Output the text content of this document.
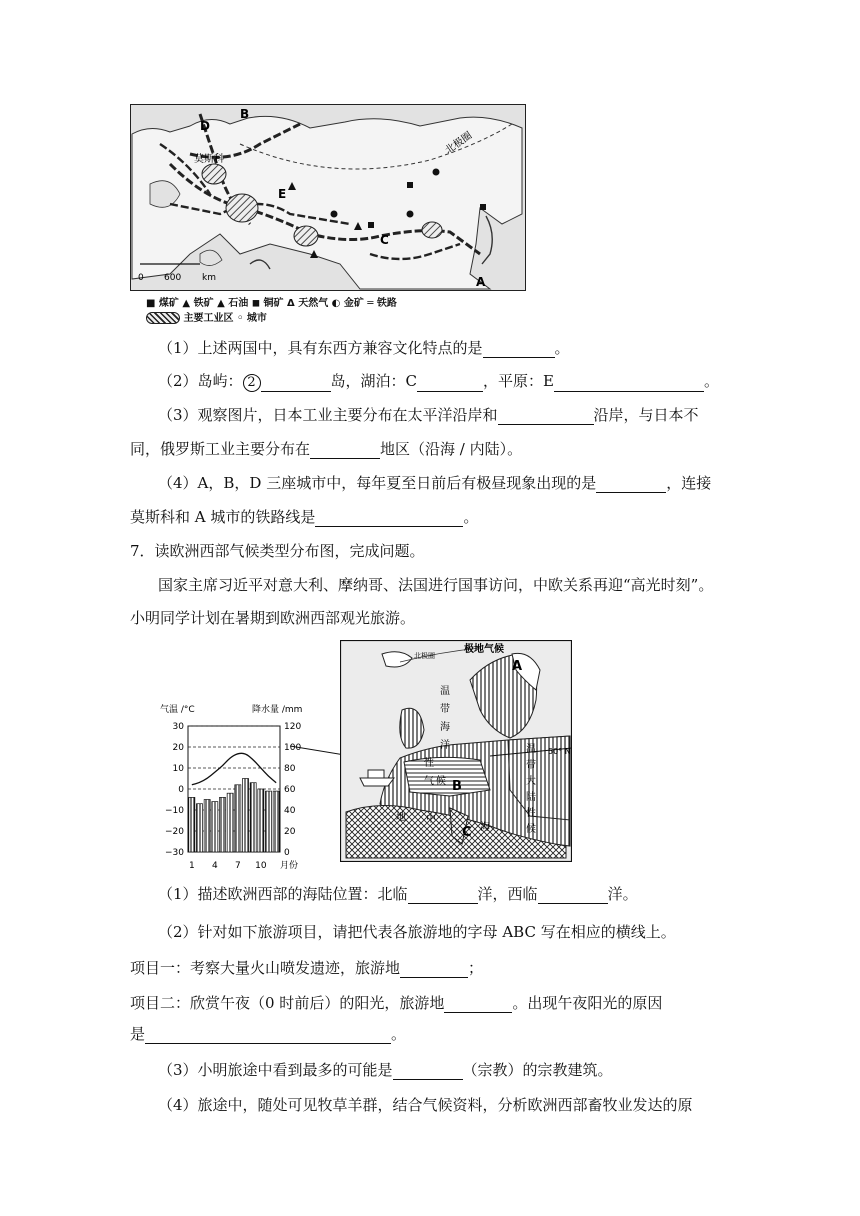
D
B
莫斯科
E
C
A
北极圈
0 600 km
■ 煤矿 ▲ 铁矿 ▲ 石油 ◼ 铜矿 Δ 天然气 ◐ 金矿 ═ 铁路
主要工业区 ◦ 城市
（1）上述两国中，具有东西方兼容文化特点的是	。
（2）岛屿： 2	岛，湖泊：C	，平原：E	。
（3）观察图片，日本工业主要分布在太平洋沿岸和	沿岸，与日本不
同，俄罗斯工业主要分布在	地区（沿海 / 内陆）。
（4）A，B，D 三座城市中，每年夏至日前后有极昼现象出现的是	，连接
莫斯科和 A 城市的铁路线是	。
7．读欧洲西部气候类型分布图，完成问题。
国家主席习近平对意大利、摩纳哥、法国进行国事访问，中欧关系再迎“高光时刻”。
小明同学计划在暑期到欧洲西部观光旅游。
气温 /°C	降水量 /mm
30
20
10
0
−10
−20
−30
120
100
80
60
40
20
0
1 4 7 10 月份
极地气候
北极圈
A
50° N
B
C
温
带
海
洋
性
气 候
温
带
大
陆
性
候
地 中
海
（1）描述欧洲西部的海陆位置：北临	洋，西临	洋。
（2）针对如下旅游项目，请把代表各旅游地的字母 ABC 写在相应的横线上。
项目一：考察大量火山喷发遗迹，旅游地	；
项目二：欣赏午夜（0 时前后）的阳光，旅游地	。出现午夜阳光的原因
是	。
（3）小明旅途中看到最多的可能是	（宗教）的宗教建筑。
（4）旅途中，随处可见牧草羊群，结合气候资料，分析欧洲西部畜牧业发达的原
